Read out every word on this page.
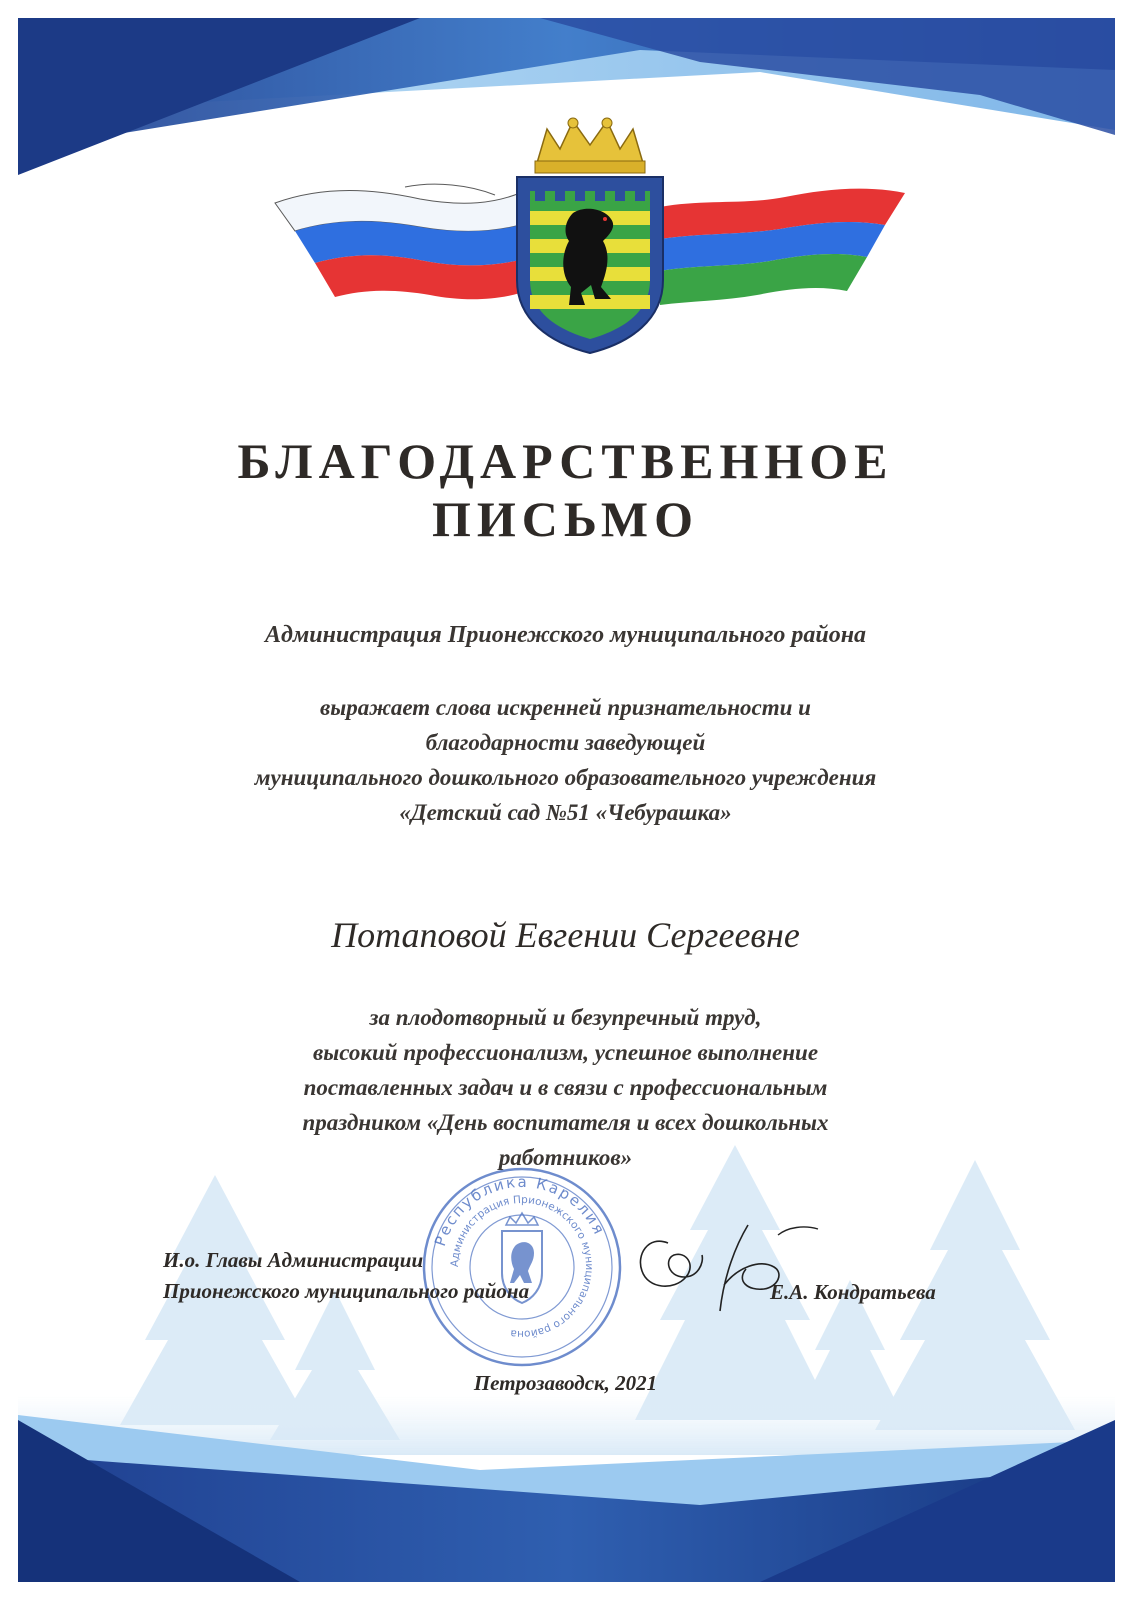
БЛАГОДАРСТВЕННОЕ
ПИСЬМО
Администрация Прионежского муниципального района
выражает слова искренней признательности и
благодарности заведующей
муниципального дошкольного образовательного учреждения
«Детский сад №51 «Чебурашка»
Потаповой Евгении Сергеевне
за плодотворный и безупречный труд,
высокий профессионализм, успешное выполнение
поставленных задач и в связи с профессиональным
праздником «День воспитателя и всех дошкольных
работников»
Республика Карелия
Администрация Прионежского муниципального района
И.о. Главы Администрации
Прионежского муниципального района	Е.А. Кондратьева
Петрозаводск, 2021
